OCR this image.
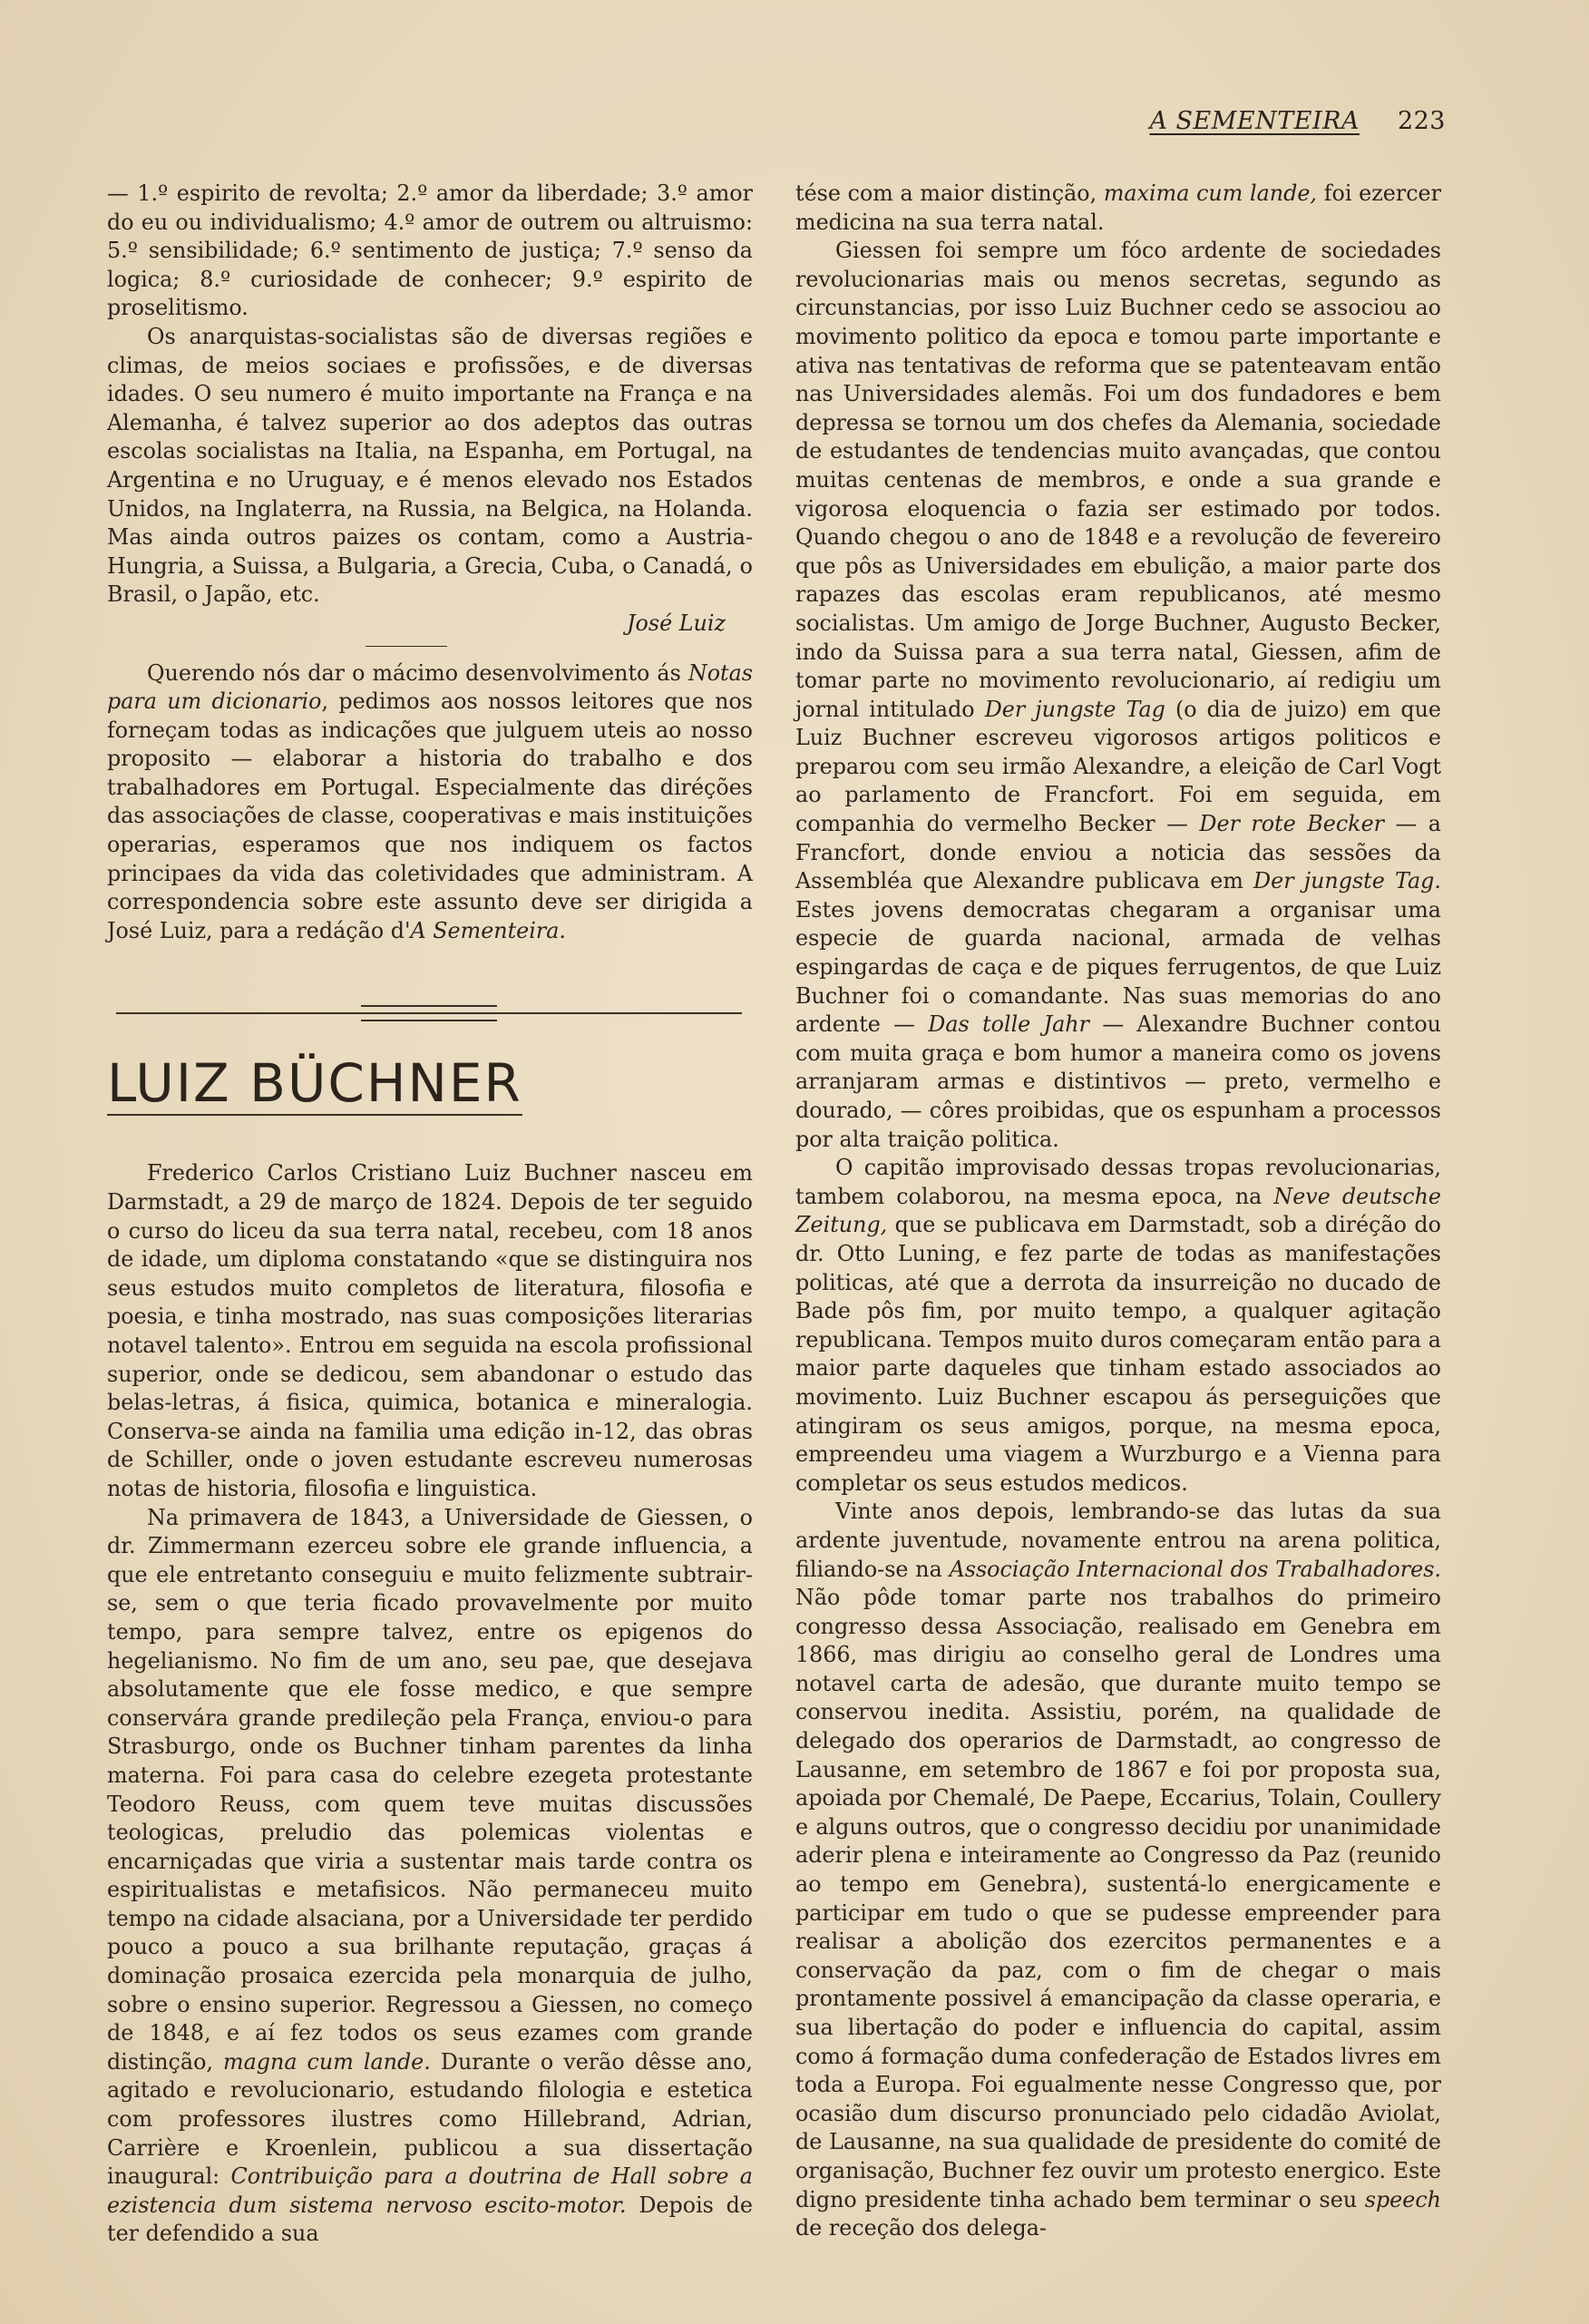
A SEMENTEIRA 223

— 1.º espirito de revolta; 2.º amor da liberdade; 3.º amor do eu ou individualismo; 4.º amor de outrem ou altruismo: 5.º sensibilidade; 6.º sentimento de justiça; 7.º senso da logica; 8.º curiosidade de conhecer; 9.º espirito de proselitismo.

Os anarquistas-socialistas são de diversas regiões e climas, de meios sociaes e profissões, e de diversas idades. O seu numero é muito importante na França e na Alemanha, é talvez superior ao dos adeptos das outras escolas socialistas na Italia, na Espanha, em Portugal, na Argentina e no Uruguay, e é menos elevado nos Estados Unidos, na Inglaterra, na Russia, na Belgica, na Holanda. Mas ainda outros paizes os contam, como a Austria-Hungria, a Suissa, a Bulgaria, a Grecia, Cuba, o Canadá, o Brasil, o Japão, etc.

José Luiz

Querendo nós dar o mácimo desenvolvimento ás Notas para um dicionario, pedimos aos nossos leitores que nos forneçam todas as indicações que julguem uteis ao nosso proposito — elaborar a historia do trabalho e dos trabalhadores em Portugal. Especialmente das diréções das associações de classe, cooperativas e mais instituições operarias, esperamos que nos indiquem os factos principaes da vida das coletividades que administram. A correspondencia sobre este assunto deve ser dirigida a José Luiz, para a redáção d'A Sementeira.

LUIZ BÜCHNER

Frederico Carlos Cristiano Luiz Buchner nasceu em Darmstadt, a 29 de março de 1824. Depois de ter seguido o curso do liceu da sua terra natal, recebeu, com 18 anos de idade, um diploma constatando «que se distinguira nos seus estudos muito completos de literatura, filosofia e poesia, e tinha mostrado, nas suas composições literarias notavel talento». Entrou em seguida na escola profissional superior, onde se dedicou, sem abandonar o estudo das belas-letras, á fisica, quimica, botanica e mineralogia. Conserva-se ainda na familia uma edição in-12, das obras de Schiller, onde o joven estudante escreveu numerosas notas de historia, filosofia e linguistica.

Na primavera de 1843, a Universidade de Giessen, o dr. Zimmermann ezerceu sobre ele grande influencia, a que ele entretanto conseguiu e muito felizmente subtrair-se, sem o que teria ficado provavelmente por muito tempo, para sempre talvez, entre os epigenos do hegelianismo. No fim de um ano, seu pae, que desejava absolutamente que ele fosse medico, e que sempre conservára grande predileção pela França, enviou-o para Strasburgo, onde os Buchner tinham parentes da linha materna. Foi para casa do celebre ezegeta protestante Teodoro Reuss, com quem teve muitas discussões teologicas, preludio das polemicas violentas e encarniçadas que viria a sustentar mais tarde contra os espiritualistas e metafisicos. Não permaneceu muito tempo na cidade alsaciana, por a Universidade ter perdido pouco a pouco a sua brilhante reputação, graças á dominação prosaica ezercida pela monarquia de julho, sobre o ensino superior. Regressou a Giessen, no começo de 1848, e aí fez todos os seus ezames com grande distinção, magna cum lande. Durante o verão dêsse ano, agitado e revolucionario, estudando filologia e estetica com professores ilustres como Hillebrand, Adrian, Carrière e Kroenlein, publicou a sua dissertação inaugural: Contribuição para a doutrina de Hall sobre a ezistencia dum sistema nervoso escito-motor. Depois de ter defendido a sua

tése com a maior distinção, maxima cum lande, foi ezercer medicina na sua terra natal.

Giessen foi sempre um fóco ardente de sociedades revolucionarias mais ou menos secretas, segundo as circunstancias, por isso Luiz Buchner cedo se associou ao movimento politico da epoca e tomou parte importante e ativa nas tentativas de reforma que se patenteavam então nas Universidades alemãs. Foi um dos fundadores e bem depressa se tornou um dos chefes da Alemania, sociedade de estudantes de tendencias muito avançadas, que contou muitas centenas de membros, e onde a sua grande e vigorosa eloquencia o fazia ser estimado por todos. Quando chegou o ano de 1848 e a revolução de fevereiro que pôs as Universidades em ebulição, a maior parte dos rapazes das escolas eram republicanos, até mesmo socialistas. Um amigo de Jorge Buchner, Augusto Becker, indo da Suissa para a sua terra natal, Giessen, afim de tomar parte no movimento revolucionario, aí redigiu um jornal intitulado Der jungste Tag (o dia de juizo) em que Luiz Buchner escreveu vigorosos artigos politicos e preparou com seu irmão Alexandre, a eleição de Carl Vogt ao parlamento de Francfort. Foi em seguida, em companhia do vermelho Becker — Der rote Becker — a Francfort, donde enviou a noticia das sessões da Assembléa que Alexandre publicava em Der jungste Tag. Estes jovens democratas chegaram a organisar uma especie de guarda nacional, armada de velhas espingardas de caça e de piques ferrugentos, de que Luiz Buchner foi o comandante. Nas suas memorias do ano ardente — Das tolle Jahr — Alexandre Buchner contou com muita graça e bom humor a maneira como os jovens arranjaram armas e distintivos — preto, vermelho e dourado, — côres proibidas, que os espunham a processos por alta traição politica.

O capitão improvisado dessas tropas revolucionarias, tambem colaborou, na mesma epoca, na Neve deutsche Zeitung, que se publicava em Darmstadt, sob a diréção do dr. Otto Luning, e fez parte de todas as manifestações politicas, até que a derrota da insurreição no ducado de Bade pôs fim, por muito tempo, a qualquer agitação republicana. Tempos muito duros começaram então para a maior parte daqueles que tinham estado associados ao movimento. Luiz Buchner escapou ás perseguições que atingiram os seus amigos, porque, na mesma epoca, empreendeu uma viagem a Wurzburgo e a Vienna para completar os seus estudos medicos.

Vinte anos depois, lembrando-se das lutas da sua ardente juventude, novamente entrou na arena politica, filiando-se na Associação Internacional dos Trabalhadores. Não pôde tomar parte nos trabalhos do primeiro congresso dessa Associação, realisado em Genebra em 1866, mas dirigiu ao conselho geral de Londres uma notavel carta de adesão, que durante muito tempo se conservou inedita. Assistiu, porém, na qualidade de delegado dos operarios de Darmstadt, ao congresso de Lausanne, em setembro de 1867 e foi por proposta sua, apoiada por Chemalé, De Paepe, Eccarius, Tolain, Coullery e alguns outros, que o congresso decidiu por unanimidade aderir plena e inteiramente ao Congresso da Paz (reunido ao tempo em Genebra), sustentá-lo energicamente e participar em tudo o que se pudesse empreender para realisar a abolição dos ezercitos permanentes e a conservação da paz, com o fim de chegar o mais prontamente possivel á emancipação da classe operaria, e sua libertação do poder e influencia do capital, assim como á formação duma confederação de Estados livres em toda a Europa. Foi egualmente nesse Congresso que, por ocasião dum discurso pronunciado pelo cidadão Aviolat, de Lausanne, na sua qualidade de presidente do comité de organisação, Buchner fez ouvir um protesto energico. Este digno presidente tinha achado bem terminar o seu speech de receção dos delega-
